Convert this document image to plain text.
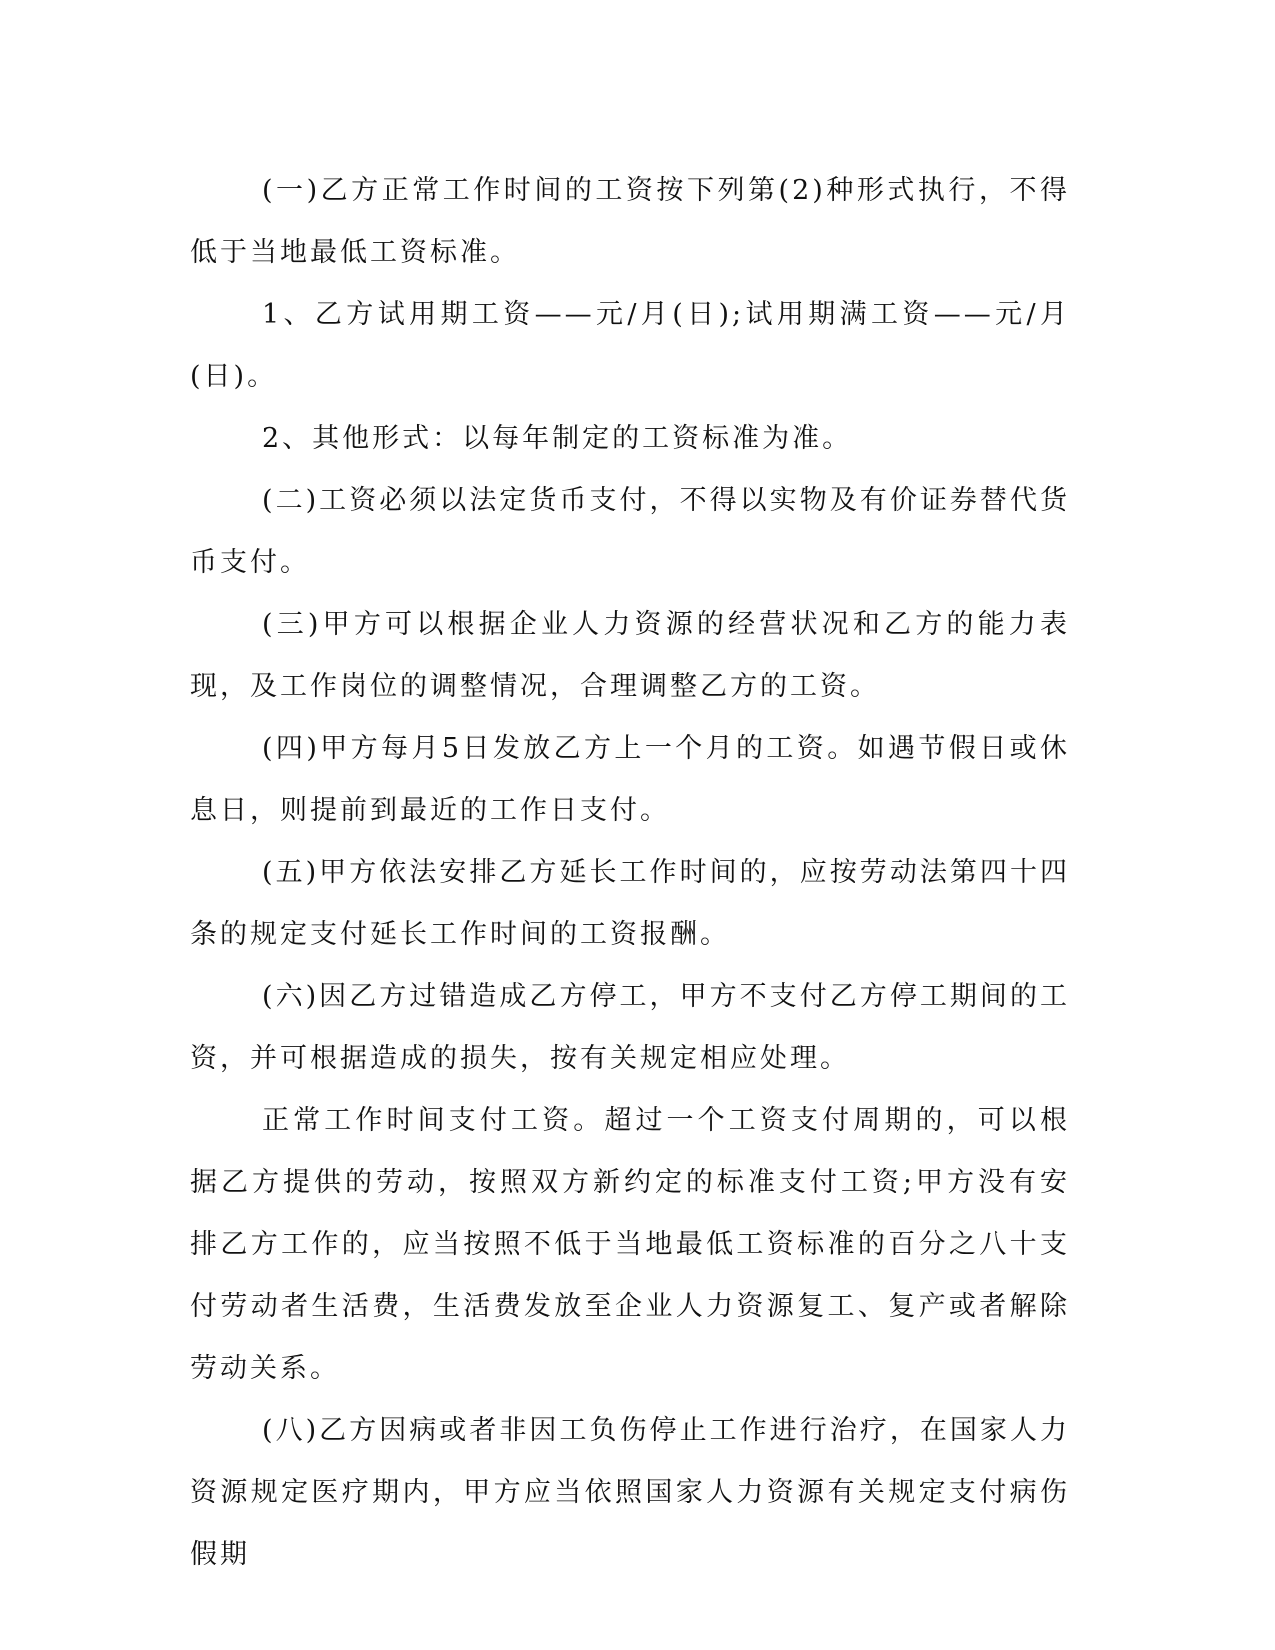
(一)乙方正常工作时间的工资按下列第(2)种形式执行，不得低于当地最低工资标准。

1、乙方试用期工资——元/月(日);试用期满工资——元/月(日)。

2、其他形式：以每年制定的工资标准为准。

(二)工资必须以法定货币支付，不得以实物及有价证券替代货币支付。

(三)甲方可以根据企业人力资源的经营状况和乙方的能力表现，及工作岗位的调整情况，合理调整乙方的工资。

(四)甲方每月5日发放乙方上一个月的工资。如遇节假日或休息日，则提前到最近的工作日支付。

(五)甲方依法安排乙方延长工作时间的，应按劳动法第四十四条的规定支付延长工作时间的工资报酬。

(六)因乙方过错造成乙方停工，甲方不支付乙方停工期间的工资，并可根据造成的损失，按有关规定相应处理。

正常工作时间支付工资。超过一个工资支付周期的，可以根据乙方提供的劳动，按照双方新约定的标准支付工资;甲方没有安排乙方工作的，应当按照不低于当地最低工资标准的百分之八十支付劳动者生活费，生活费发放至企业人力资源复工、复产或者解除劳动关系。

(八)乙方因病或者非因工负伤停止工作进行治疗，在国家人力资源规定医疗期内，甲方应当依照国家人力资源有关规定支付病伤假期
